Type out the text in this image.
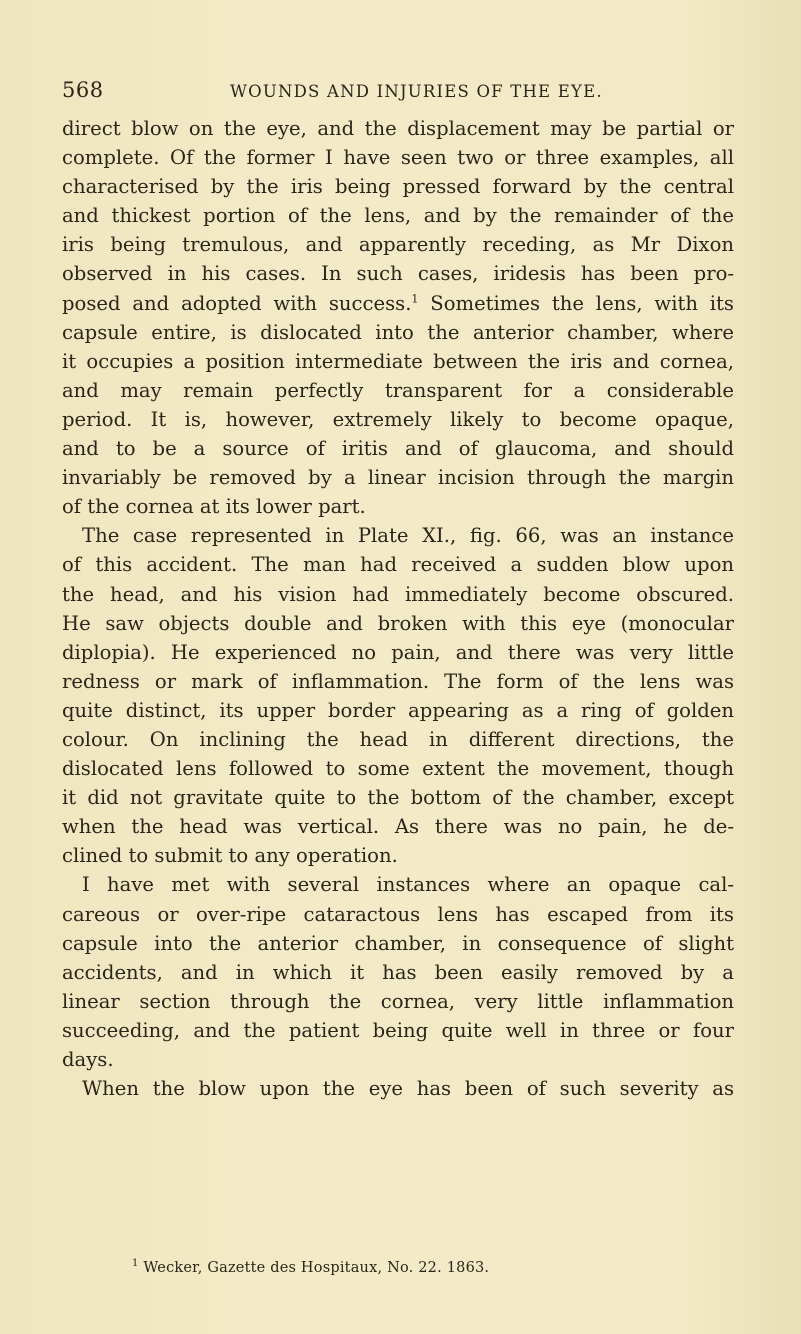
568	WOUNDS AND INJURIES OF THE EYE.
direct blow on the eye, and the displacement may be partial or
complete. Of the former I have seen two or three examples, all
characterised by the iris being pressed forward by the central
and thickest portion of the lens, and by the remainder of the
iris being tremulous, and apparently receding, as Mr Dixon
observed in his cases. In such cases, iridesis has been pro-
posed and adopted with success.$^1$ Sometimes the lens, with its
capsule entire, is dislocated into the anterior chamber, where
it occupies a position intermediate between the iris and cornea,
and may remain perfectly transparent for a considerable
period. It is, however, extremely likely to become opaque,
and to be a source of iritis and of glaucoma, and should
invariably be removed by a linear incision through the margin
of the cornea at its lower part.
The case represented in Plate XI., fig. 66, was an instance
of this accident. The man had received a sudden blow upon
the head, and his vision had immediately become obscured.
He saw objects double and broken with this eye (monocular
diplopia). He experienced no pain, and there was very little
redness or mark of inflammation. The form of the lens was
quite distinct, its upper border appearing as a ring of golden
colour. On inclining the head in different directions, the
dislocated lens followed to some extent the movement, though
it did not gravitate quite to the bottom of the chamber, except
when the head was vertical. As there was no pain, he de-
clined to submit to any operation.
I have met with several instances where an opaque cal-
careous or over-ripe cataractous lens has escaped from its
capsule into the anterior chamber, in consequence of slight
accidents, and in which it has been easily removed by a
linear section through the cornea, very little inflammation
succeeding, and the patient being quite well in three or four
days.
When the blow upon the eye has been of such severity as
$^1$ Wecker, Gazette des Hospitaux, No. 22. 1863.
